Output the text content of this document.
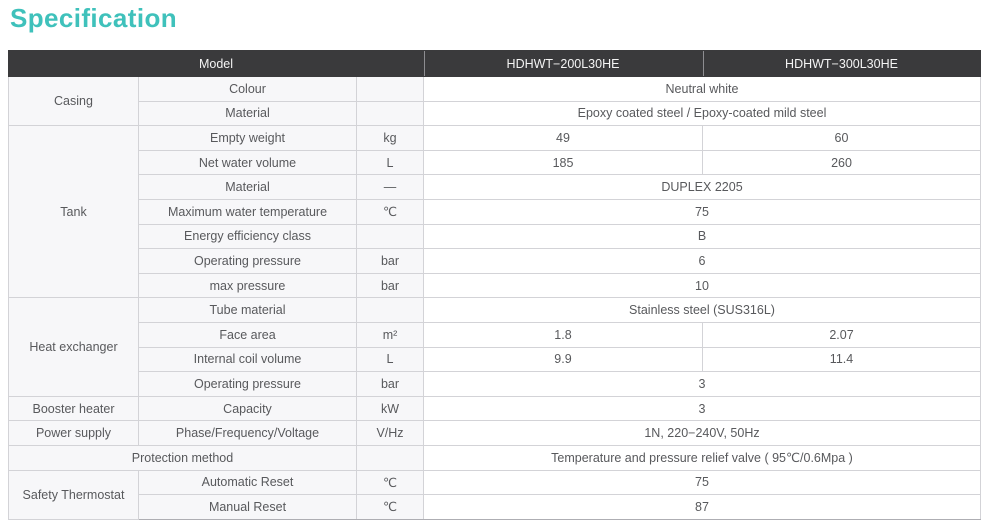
Specification
Model			HDHWT−200L30HE	HDHWT−300L30HE
Casing	Colour		Neutral white	
	Material		Epoxy coated steel / Epoxy-coated mild steel	
Tank	Empty weight	kg	49	60
	Net water volume	L	185	260
	Material	—	DUPLEX 2205	
	Maximum water temperature	℃	75	
	Energy efficiency class		B	
	Operating pressure	bar	6	
	max pressure	bar	10	
Heat exchanger	Tube material		Stainless steel (SUS316L)	
	Face area	m²	1.8	2.07
	Internal coil volume	L	9.9	11.4
	Operating pressure	bar	3	
Booster heater	Capacity	kW	3	
Power supply	Phase/Frequency/Voltage	V/Hz	1N, 220−240V, 50Hz	
Protection method			Temperature and pressure relief valve ( 95℃/0.6Mpa )	
Safety Thermostat	Automatic Reset	℃	75	
	Manual Reset	℃	87	
